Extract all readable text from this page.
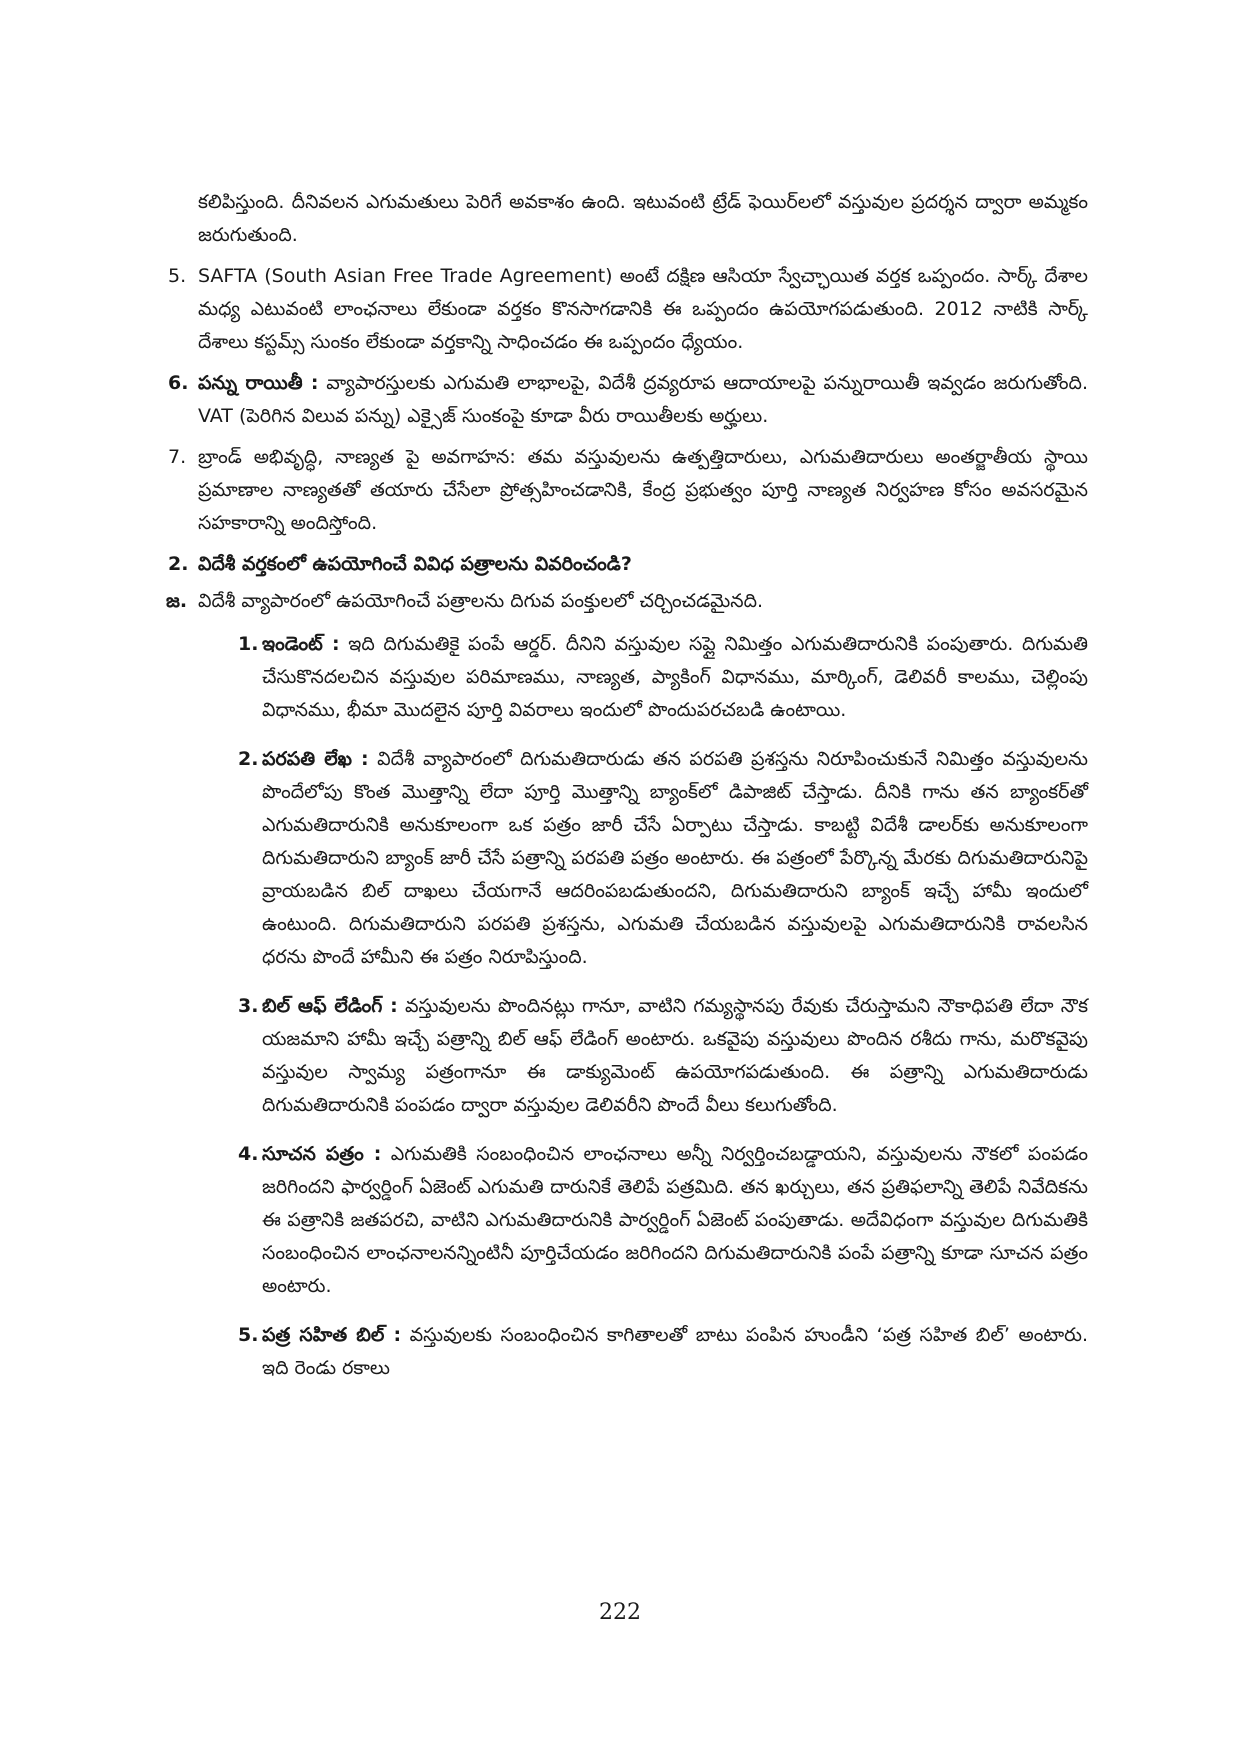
కలిపిస్తుంది. దీనివలన ఎగుమతులు పెరిగే అవకాశం ఉంది. ఇటువంటి ట్రేడ్ ఫెయిర్‌లలో వస్తువుల ప్రదర్శన ద్వారా అమ్మకం జరుగుతుంది.

5. SAFTA (South Asian Free Trade Agreement) అంటే దక్షిణ ఆసియా స్వేచ్ఛాయిత వర్తక ఒప్పందం. సార్క్ దేశాల మధ్య ఎటువంటి లాంఛనాలు లేకుండా వర్తకం కొనసాగడానికి ఈ ఒప్పందం ఉపయోగపడుతుంది. 2012 నాటికి సార్క్ దేశాలు కస్టమ్స్ సుంకం లేకుండా వర్తకాన్ని సాధించడం ఈ ఒప్పందం ధ్యేయం.

6. పన్ను రాయితీ : వ్యాపారస్తులకు ఎగుమతి లాభాలపై, విదేశీ ద్రవ్యరూప ఆదాయాలపై పన్నురాయితీ ఇవ్వడం జరుగుతోంది. VAT (పెరిగిన విలువ పన్ను) ఎక్సైజ్ సుంకంపై కూడా వీరు రాయితీలకు అర్హులు.

7. బ్రాండ్ అభివృద్ధి, నాణ్యత పై అవగాహన: తమ వస్తువులను ఉత్పత్తిదారులు, ఎగుమతిదారులు అంతర్జాతీయ స్థాయి ప్రమాణాల నాణ్యతతో తయారు చేసేలా ప్రోత్సహించడానికి, కేంద్ర ప్రభుత్వం పూర్తి నాణ్యత నిర్వహణ కోసం అవసరమైన సహకారాన్ని అందిస్తోంది.

2. విదేశీ వర్తకంలో ఉపయోగించే వివిధ పత్రాలను వివరించండి?

జ. విదేశీ వ్యాపారంలో ఉపయోగించే పత్రాలను దిగువ పంక్తులలో చర్చించడమైనది.

1. ఇండెంట్ : ఇది దిగుమతికై పంపే ఆర్డర్. దీనిని వస్తువుల సప్లై నిమిత్తం ఎగుమతిదారునికి పంపుతారు. దిగుమతి చేసుకొనదలచిన వస్తువుల పరిమాణము, నాణ్యత, ప్యాకింగ్ విధానము, మార్కింగ్, డెలివరీ కాలము, చెల్లింపు విధానము, భీమా మొదలైన పూర్తి వివరాలు ఇందులో పొందుపరచబడి ఉంటాయి.

2. పరపతి లేఖ : విదేశీ వ్యాపారంలో దిగుమతిదారుడు తన పరపతి ప్రశస్తను నిరూపించుకునే నిమిత్తం వస్తువులను పొందేలోపు కొంత మొత్తాన్ని లేదా పూర్తి మొత్తాన్ని బ్యాంక్‌లో డిపాజిట్ చేస్తాడు. దీనికి గాను తన బ్యాంకర్‌తో ఎగుమతిదారునికి అనుకూలంగా ఒక పత్రం జారీ చేసే ఏర్పాటు చేస్తాడు. కాబట్టి విదేశీ డాలర్‌కు అనుకూలంగా దిగుమతిదారుని బ్యాంక్ జారీ చేసే పత్రాన్ని పరపతి పత్రం అంటారు. ఈ పత్రంలో పేర్కొన్న మేరకు దిగుమతిదారునిపై వ్రాయబడిన బిల్ దాఖలు చేయగానే ఆదరింపబడుతుందని, దిగుమతిదారుని బ్యాంక్ ఇచ్చే హామీ ఇందులో ఉంటుంది. దిగుమతిదారుని పరపతి ప్రశస్తను, ఎగుమతి చేయబడిన వస్తువులపై ఎగుమతిదారునికి రావలసిన ధరను పొందే హామీని ఈ పత్రం నిరూపిస్తుంది.

3. బిల్ ఆఫ్ లేడింగ్ : వస్తువులను పొందినట్లు గానూ, వాటిని గమ్యస్థానపు రేవుకు చేరుస్తామని నౌకాధిపతి లేదా నౌక యజమాని హామీ ఇచ్చే పత్రాన్ని బిల్ ఆఫ్ లేడింగ్ అంటారు. ఒకవైపు వస్తువులు పొందిన రశీదు గాను, మరొకవైపు వస్తువుల స్వామ్య పత్రంగానూ ఈ డాక్యుమెంట్ ఉపయోగపడుతుంది. ఈ పత్రాన్ని ఎగుమతిదారుడు దిగుమతిదారునికి పంపడం ద్వారా వస్తువుల డెలివరీని పొందే వీలు కలుగుతోంది.

4. సూచన పత్రం : ఎగుమతికి సంబంధించిన లాంఛనాలు అన్నీ నిర్వర్తించబడ్డాయని, వస్తువులను నౌకలో పంపడం జరిగిందని ఫార్వర్డింగ్ ఏజెంట్ ఎగుమతి దారునికే తెలిపే పత్రమిది. తన ఖర్చులు, తన ప్రతిఫలాన్ని తెలిపే నివేదికను ఈ పత్రానికి జతపరచి, వాటిని ఎగుమతిదారునికి పార్వర్డింగ్ ఏజెంట్ పంపుతాడు. అదేవిధంగా వస్తువుల దిగుమతికి సంబంధించిన లాంఛనాలనన్నింటినీ పూర్తిచేయడం జరిగిందని దిగుమతిదారునికి పంపే పత్రాన్ని కూడా సూచన పత్రం అంటారు.

5. పత్ర సహిత బిల్ : వస్తువులకు సంబంధించిన కాగితాలతో బాటు పంపిన హుండీని ‘పత్ర సహిత బిల్’ అంటారు. ఇది రెండు రకాలు

222
